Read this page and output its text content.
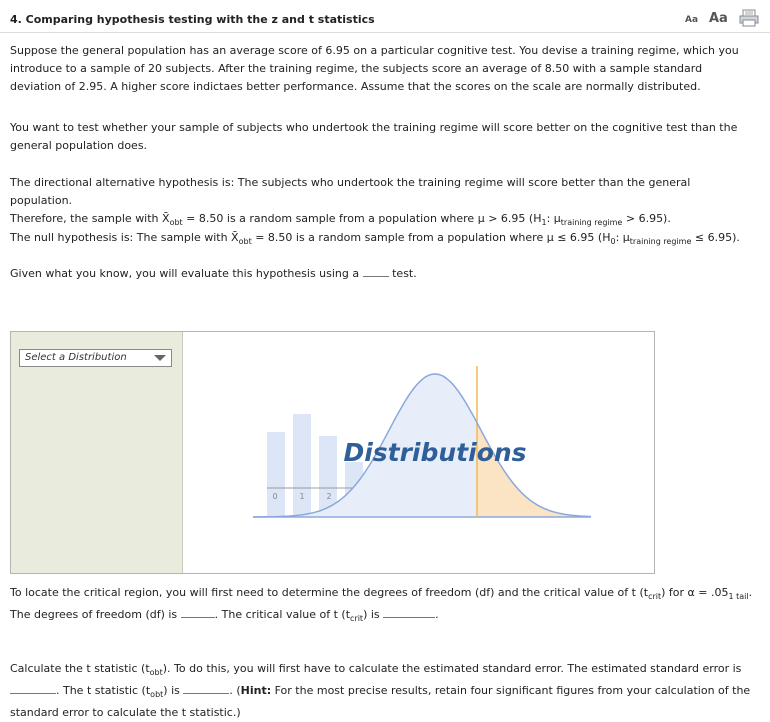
4. Comparing hypothesis testing with the z and t statistics	Aa Aa

Suppose the general population has an average score of 6.95 on a particular cognitive test. You devise a training regime, which you introduce to a sample of 20 subjects. After the training regime, the subjects score an average of 8.50 with a sample standard deviation of 2.95. A higher score indictaes better performance. Assume that the scores on the scale are normally distributed.

You want to test whether your sample of subjects who undertook the training regime will score better on the cognitive test than the general population does.

The directional alternative hypothesis is: The subjects who undertook the training regime will score better than the general population.
Therefore, the sample with $X̄_{obt} = 8.50$ is a random sample from a population where μ > 6.95 ($H_1$: $\mu_{training regime} > 6.95$).

The null hypothesis is: The sample with $X̄_{obt} = 8.50$ is a random sample from a population where μ ≤ 6.95 ($H_0$: $\mu_{training regime} \le 6.95$).

Given what you know, you will evaluate this hypothesis using a  test.

Select a Distribution
0	1	2
Distributions

To locate the critical region, you will first need to determine the degrees of freedom (df) and the critical value of t $(t_{crit})$ for $\alpha = .05_{1 tail}$.
The degrees of freedom (df) is	. The critical value of t $(t_{crit})$ is	.

Calculate the t statistic $(t_{obt})$. To do this, you will first have to calculate the estimated standard error. The estimated standard error is
. The t statistic $(t_{obt})$ is	. (Hint: For the most precise results, retain four significant figures from your calculation of the standard error to calculate the t statistic.)
